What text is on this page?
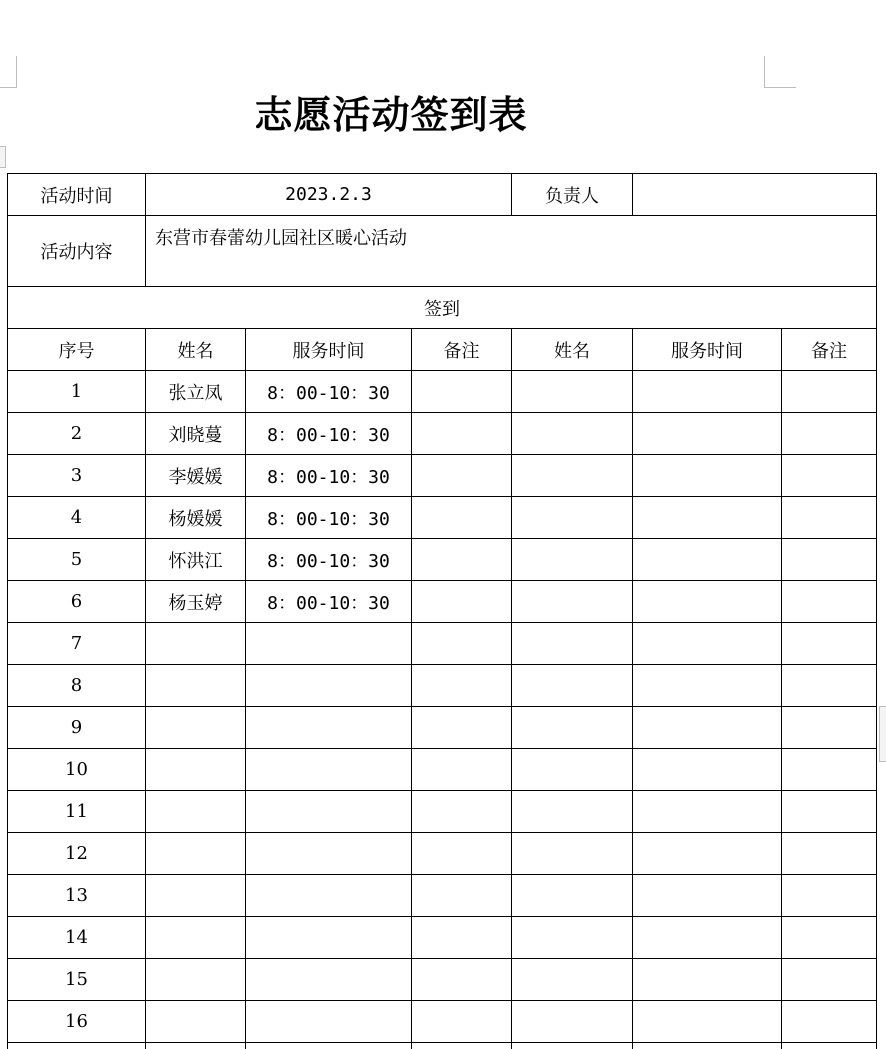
志愿活动签到表
活动时间	2023.2.3			负责人		
活动内容	东营市春蕾幼儿园社区暖心活动					
签到						
序号	姓名	服务时间	备注	姓名	服务时间	备注
1	张立凤	8：00-10：30				
2	刘晓蔓	8：00-10：30				
3	李媛媛	8：00-10：30				
4	杨媛媛	8：00-10：30				
5	怀洪江	8：00-10：30				
6	杨玉婷	8：00-10：30				
7						
8						
9						
10						
11						
12						
13						
14						
15						
16						
